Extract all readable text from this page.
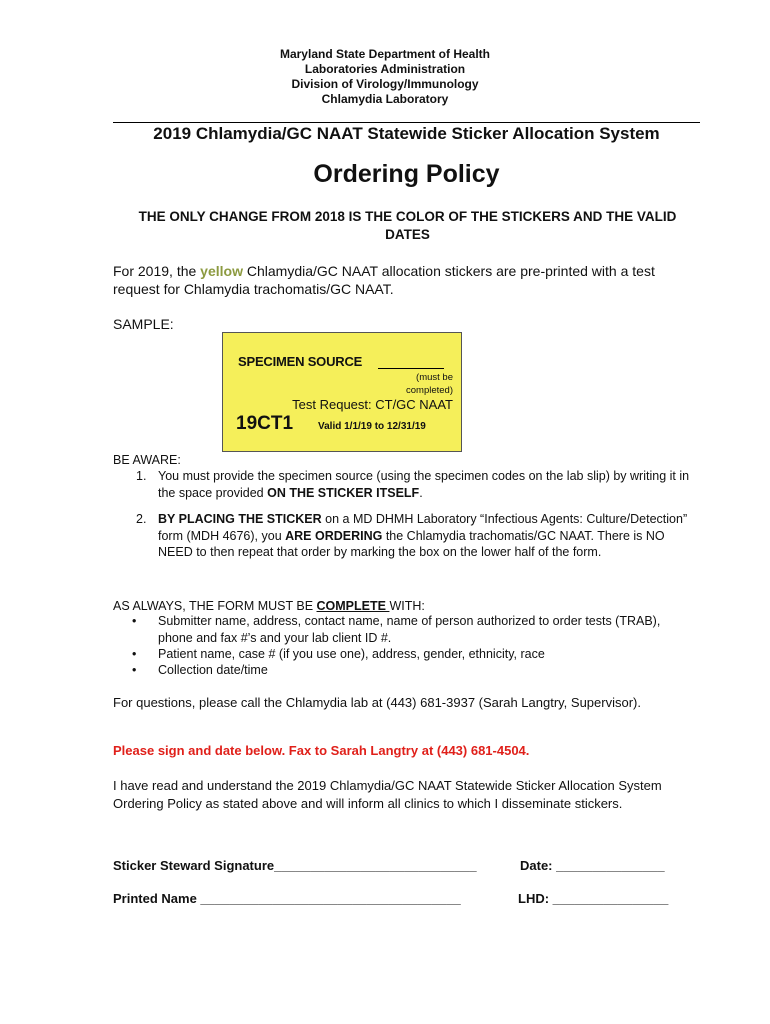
Maryland State Department of Health
Laboratories Administration
Division of Virology/Immunology
Chlamydia Laboratory
2019 Chlamydia/GC NAAT Statewide Sticker Allocation System
Ordering Policy
THE ONLY CHANGE FROM 2018 IS THE COLOR OF THE STICKERS AND THE VALID DATES
For 2019, the yellow Chlamydia/GC NAAT allocation stickers are pre-printed with a test request for Chlamydia trachomatis/GC NAAT.
SAMPLE:
SPECIMEN SOURCE
(must be completed)
Test Request: CT/GC NAAT
19CT1 Valid 1/1/19 to 12/31/19
BE AWARE:
1. You must provide the specimen source (using the specimen codes on the lab slip) by writing it in the space provided ON THE STICKER ITSELF.
2. BY PLACING THE STICKER on a MD DHMH Laboratory “Infectious Agents: Culture/Detection” form (MDH 4676), you ARE ORDERING the Chlamydia trachomatis/GC NAAT. There is NO NEED to then repeat that order by marking the box on the lower half of the form.
AS ALWAYS, THE FORM MUST BE COMPLETE WITH:
• Submitter name, address, contact name, name of person authorized to order tests (TRAB), phone and fax #’s and your lab client ID #.
• Patient name, case # (if you use one), address, gender, ethnicity, race
• Collection date/time
For questions, please call the Chlamydia lab at (443) 681-3937 (Sarah Langtry, Supervisor).
Please sign and date below. Fax to Sarah Langtry at (443) 681-4504.
I have read and understand the 2019 Chlamydia/GC NAAT Statewide Sticker Allocation System Ordering Policy as stated above and will inform all clinics to which I disseminate stickers.
Sticker Steward Signature____________________________	Date: _______________
Printed Name ____________________________________	LHD: ________________
